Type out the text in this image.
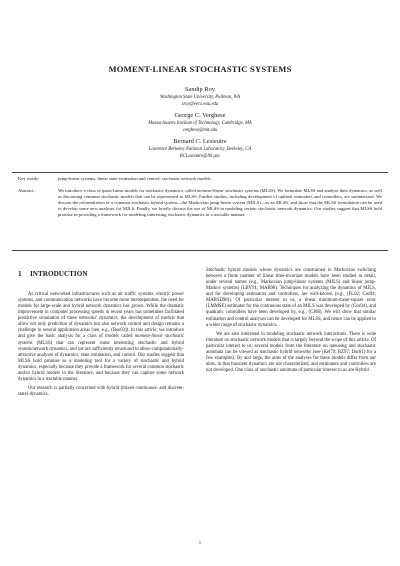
MOMENT-LINEAR STOCHASTIC SYSTEMS
Sandip Roy
Washington State University, Pullman, WA
sroy@eecs.wsu.edu
George C. Verghese
Massachusetts Institute of Technology, Cambridge, MA
verghese@mit.edu
Bernard C. Lesieutre
Lawrence Berkeley National Laboratory, Berkeley, CA
BCLesieutre@lbl.gov
Key words:	jump-linear systems, linear state estimation and control, stochastic network models
Abstract:	We introduce a class of quasi-linear models for stochastic dynamics, called moment-linear stochastic systems (MLSS). We formulate MLSS and analyze their dynamics, as well as discussing common stochastic models that can be represented as MLSS. Further studies, including development of optimal estimators and controllers, are summarized. We discuss the reformulation of a common stochastic hybrid system—the Markovian jump-linear system (MJLS)—as an MLSS, and show that the MLSS formulation can be used to develop some new analyses for MJLS. Finally, we briefly discuss the use of MLSS in modeling certain stochastic network dynamics. Our studies suggest that MLSS hold promise in providing a framework for modeling interesting stochastic dynamics in a tractable manner.
1 INTRODUCTION

As critical networked infrastructures such as air traffic systems, electric power systems, and communication networks have become more interdependent, the need for models for large-scale and hybrid network dynamics has grown. While the dramatic improvement in computer processing speeds in recent years has sometimes facilitated predictive simulation of these networks' dynamics, the development of models that allow not only prediction of dynamics but also network control and design remains a challenge in several application areas (see, e.g., (Bos03)). In this article, we introduce and give the basic analysis for a class of models called moment-linear stochastic systems (MLSS) that can represent some interesting stochastic and hybrid system/network dynamics, and yet are sufficiently structured to allow computationally-attractive analyses of dynamics, state estimation, and control. Our studies suggest that MLSS hold promise as a modeling tool for a variety of stochastic and hybrid dynamics, especially because they provide a framework for several common stochastic and/or hybrid models in the literature, and because they can capture some network dynamics in a tractable manner.

Our research is partially concerned with hybrid (mixed continuous- and discrete-state) dynamics.

Stochastic hybrid models whose dynamics are constrained to Markovian switching between a finite number of linear time-invariant models have been studied in detail, under several names (e.g., Markovian jump-linear systems (MJLS) and linear jump-Markov systems) (LBV91; MAB98). Techniques for analyzing the dynamics of MJLS, and for developing estimators and controllers, are well-known (e.g., (FL02; Cos94; MABSD98)). Of particular interest to us, a linear minimum-mean-square error (LMMSE) estimator for the continuous state of an MJLS was developed by (Cos94), and quadratic controllers have been developed by, e.g., (CJ88). We will show that similar estimation and control analyses can be developed for MLSS, and hence can be applied to a wider range of stochastic dynamics.

We are also interested in modeling stochastic network interactions. There is wide literature on stochastic network models that is largely beyond the scope of this article. Of particular interest to us, several models from the literature on queueing and stochastic automata can be viewed as stochastic hybrid networks (see (Kel79; RZ97; Dur81) for a few examples). By and large, the aims of the analyses for these models differ from our aims, in that transient dynamics are not characterized, and estimators and controllers are not developed. One class of stochastic automata of particular interest to us are Hybrid

1
